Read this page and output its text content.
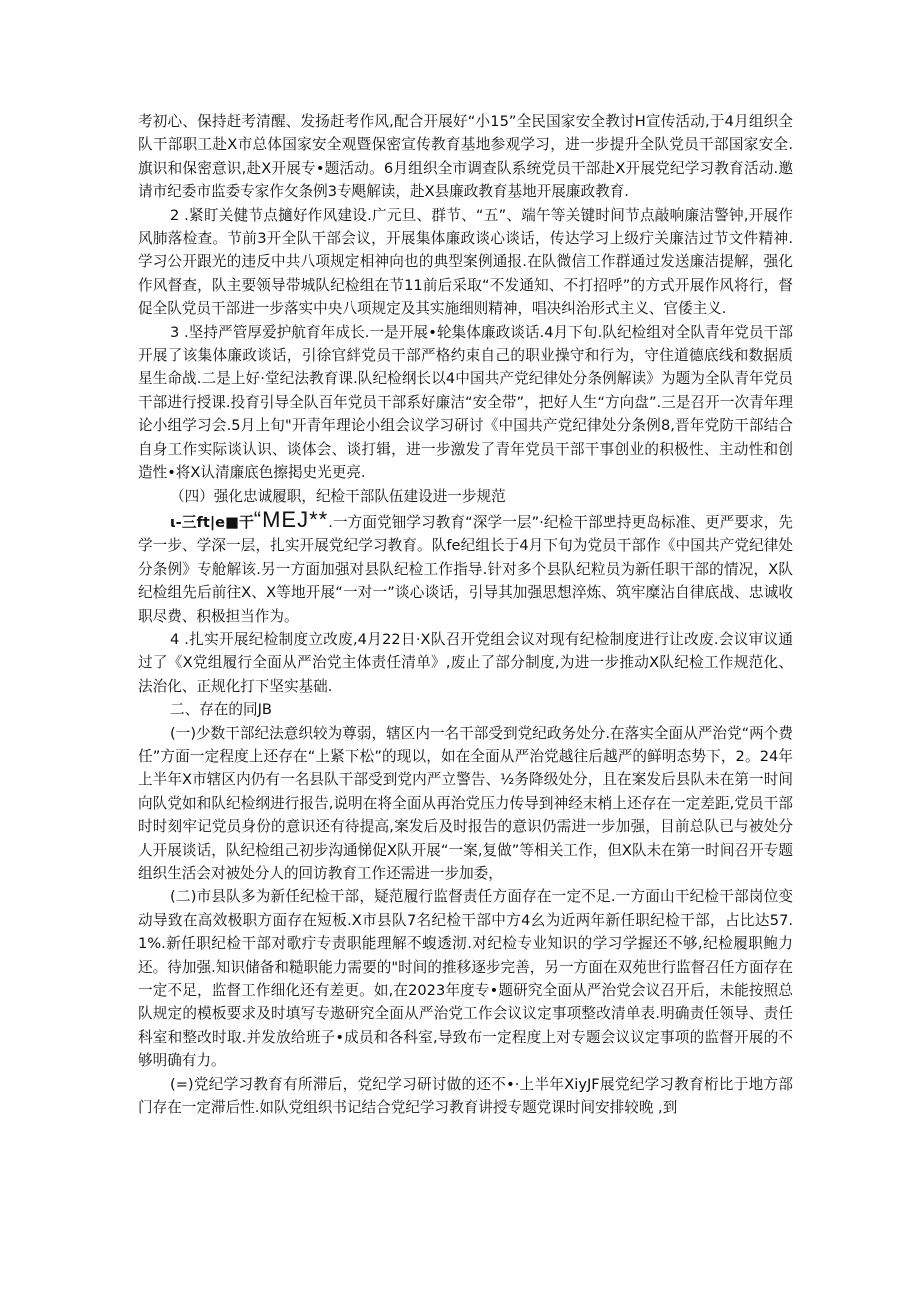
考初心、保持赶考清醒、发扬赶考作风,配合开展好“小15”全民国家安全教讨H宣传活动,于4月组织全队干部职工赴X市总体国家安全观暨保密宣传教育基地参观学习，进一步提升全队党员干部国家安全.旗识和保密意识,赴X开展专•题活动。6月组织全市调查队系统党员干部赴X开展党纪学习教育活动.邀请市纪委市监委专家作攵条例3专飓解读，赴X县廉政教育基地开展廉政教育.

2 .紧盯关健节点擿好作风建设.广元旦、群节、“五”、端午等关键时间节点敲响廉洁警钟,开展作风肺落检查。节前3开全队干部会议，开展集体廉政谈心谈话，传达学习上级疔关廉洁过节文件精神.学习公开跟光的违反中共八项规定相神向也的典型案例通报.在队微信工作群通过发送廉洁提解，强化作风督查，队主要领导带城队纪检组在节11前后采取“不发通知、不打招呼”的方式开展作风将行，督促全队党员干部进一步落实中央八项规定及其实施细则精神，唱决纠治形式主义、官倭主义.

3 .坚持严管厚爱护航育年成长.一是开展•轮集体廉政谈话.4月下旬.队纪检组对全队青年党员干部开展了该集体廉政谈话，引徐官絆党员干部严格约束自己的职业操守和行为，守住道德底线和数据质星生命战.二是上好·堂纪法教育课.队纪检纲长以4中国共产党纪律处分条例解读》为题为全队青年党员干部进行授课.投育引导全队百年党员干部系好廉洁“安全带”，把好人生“方向盘”.三是召开一次青年理论小组学习会.5月上旬"开青年理论小组会议学习研讨《中国共产党纪律处分条例8,晋年党防干部结合自身工作实际谈认识、谈体会、谈打辑，进一步激发了青年党员干部干事创业的积极性、主动性和创造性•将X认清廉底色擦掲史光更亮.

（四）强化忠诚履职，纪检干部队伍建设进一步规范

ι-三ft|e■干“MEJ**.一方面党钿学习教育“深学一层”·纪检干部뽀持更岛标准、更严要求，先学一步、学深一层，扎实开展党纪学习教育。队fe纪组长于4月下旬为党员干部作《中国共产党纪律处分条例》专舱解该.另一方面加强对县队纪检工作指导.针对多个县队纪粒员为新任职干部的情况，X队纪检组先后前往X、X等地开展“一对一”谈心谈话，引导其加强思想淬炼、筑牢糜沾自律底战、忠诚收职尽费、积极担当作为。

4 .扎实开展纪检制度立改废,4月22日·X队召开党组会议对现有纪检制度进行让改废.会议审议通过了《X党组履行全面从严治党主体责任清单》,废止了部分制度,为进一步推动X队纪检工作规范化、法治化、正规化打下坚实基础.

二、存在的同JB

(一)少数干部纪法意织较为尊弱，辖区内一名干部受到党纪政务处分.在落实全面从严治党“两个费任”方面一定程度上还存在“上紧下松”的现以，如在全面从严治党越往后越严的鲜明态势下，2。24年上半年X市辖区内仍有一名县队干部受到党内严立警告、½务降级处分，且在案发后县队未在第一时间向队党如和队纪检纲进行报告,说明在将全面从再治党压力传导到神经末梢上还存在一定差距,党员干部时时刻牢记党员身份的意识还有待提高,案发后及时报告的意识仍需进一步加强，目前总队已与被处分人开展谈话，队纪检组己初步沟通悌促X队开展“一案,复做”等相关工作，但X队未在第一时间召开专题组织生活会对被处分人的回访教育工作还需进一步加委，

(二)市县队多为新任纪检干部，疑范履行监督责任方面存在一定不足.一方面山干纪检干部岗位变动导致在高效极职方面存在短板.X市县队7名纪检干部中方4幺为近两年新任职纪检干部，占比达57.1%.新任职纪检干部对歌疔专责职能理解不蝮透沏.对纪检专业知识的学习学握还不够,纪检履职鲍力还。待加强.知识储备和糙职能力需要的"时间的推移逐步完善，另一方面在双苑世行监督召任方面存在一定不足，监督工作细化还有差更。如,在2023年度专•题研究全面从严治党会议召开后，未能按照总队规定的模板要求及时填写专遨研究全面从严治党工作会议议定事项整改清单表.明确责任领导、责任科室和整改时取.并发放给班子•成员和各科室,导致布一定程度上对专题会议议定事项的监督开展的不够明确有力。

(=)党纪学习教育有所滞后，党纪学习研讨做的还不•·上半年XiyJF展党纪学习教育桁比于地方部门存在一定滞后性.如队党组织书记结合党纪学习教育讲授专题党课时间安排较晚 ,到
